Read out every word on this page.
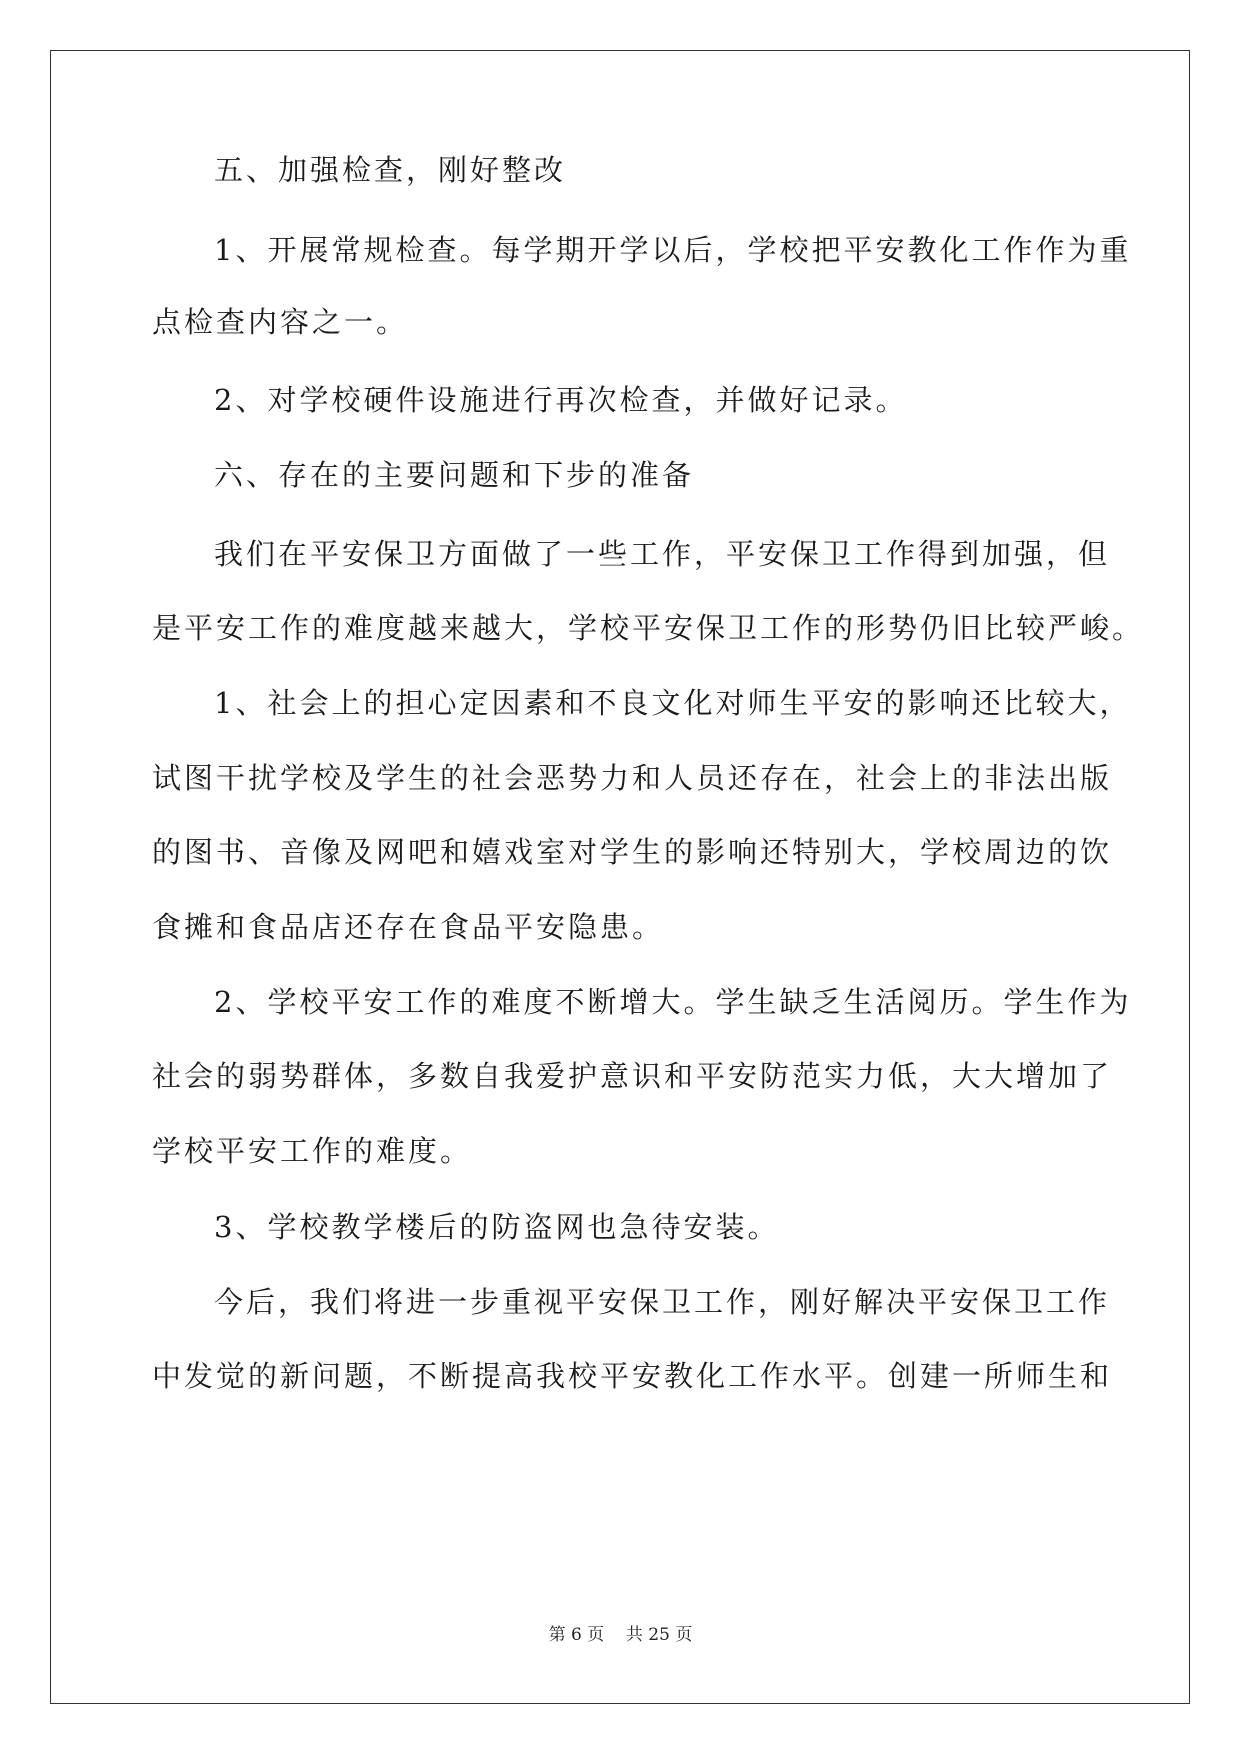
五、加强检查，刚好整改
1、开展常规检查。每学期开学以后，学校把平安教化工作作为重
点检查内容之一。
2、对学校硬件设施进行再次检查，并做好记录。
六、存在的主要问题和下步的准备
我们在平安保卫方面做了一些工作，平安保卫工作得到加强，但
是平安工作的难度越来越大，学校平安保卫工作的形势仍旧比较严峻。
1、社会上的担心定因素和不良文化对师生平安的影响还比较大，
试图干扰学校及学生的社会恶势力和人员还存在，社会上的非法出版
的图书、音像及网吧和嬉戏室对学生的影响还特别大，学校周边的饮
食摊和食品店还存在食品平安隐患。
2、学校平安工作的难度不断增大。学生缺乏生活阅历。学生作为
社会的弱势群体，多数自我爱护意识和平安防范实力低，大大增加了
学校平安工作的难度。
3、学校教学楼后的防盗网也急待安装。
今后，我们将进一步重视平安保卫工作，刚好解决平安保卫工作
中发觉的新问题，不断提高我校平安教化工作水平。创建一所师生和
第 6 页    共 25 页
